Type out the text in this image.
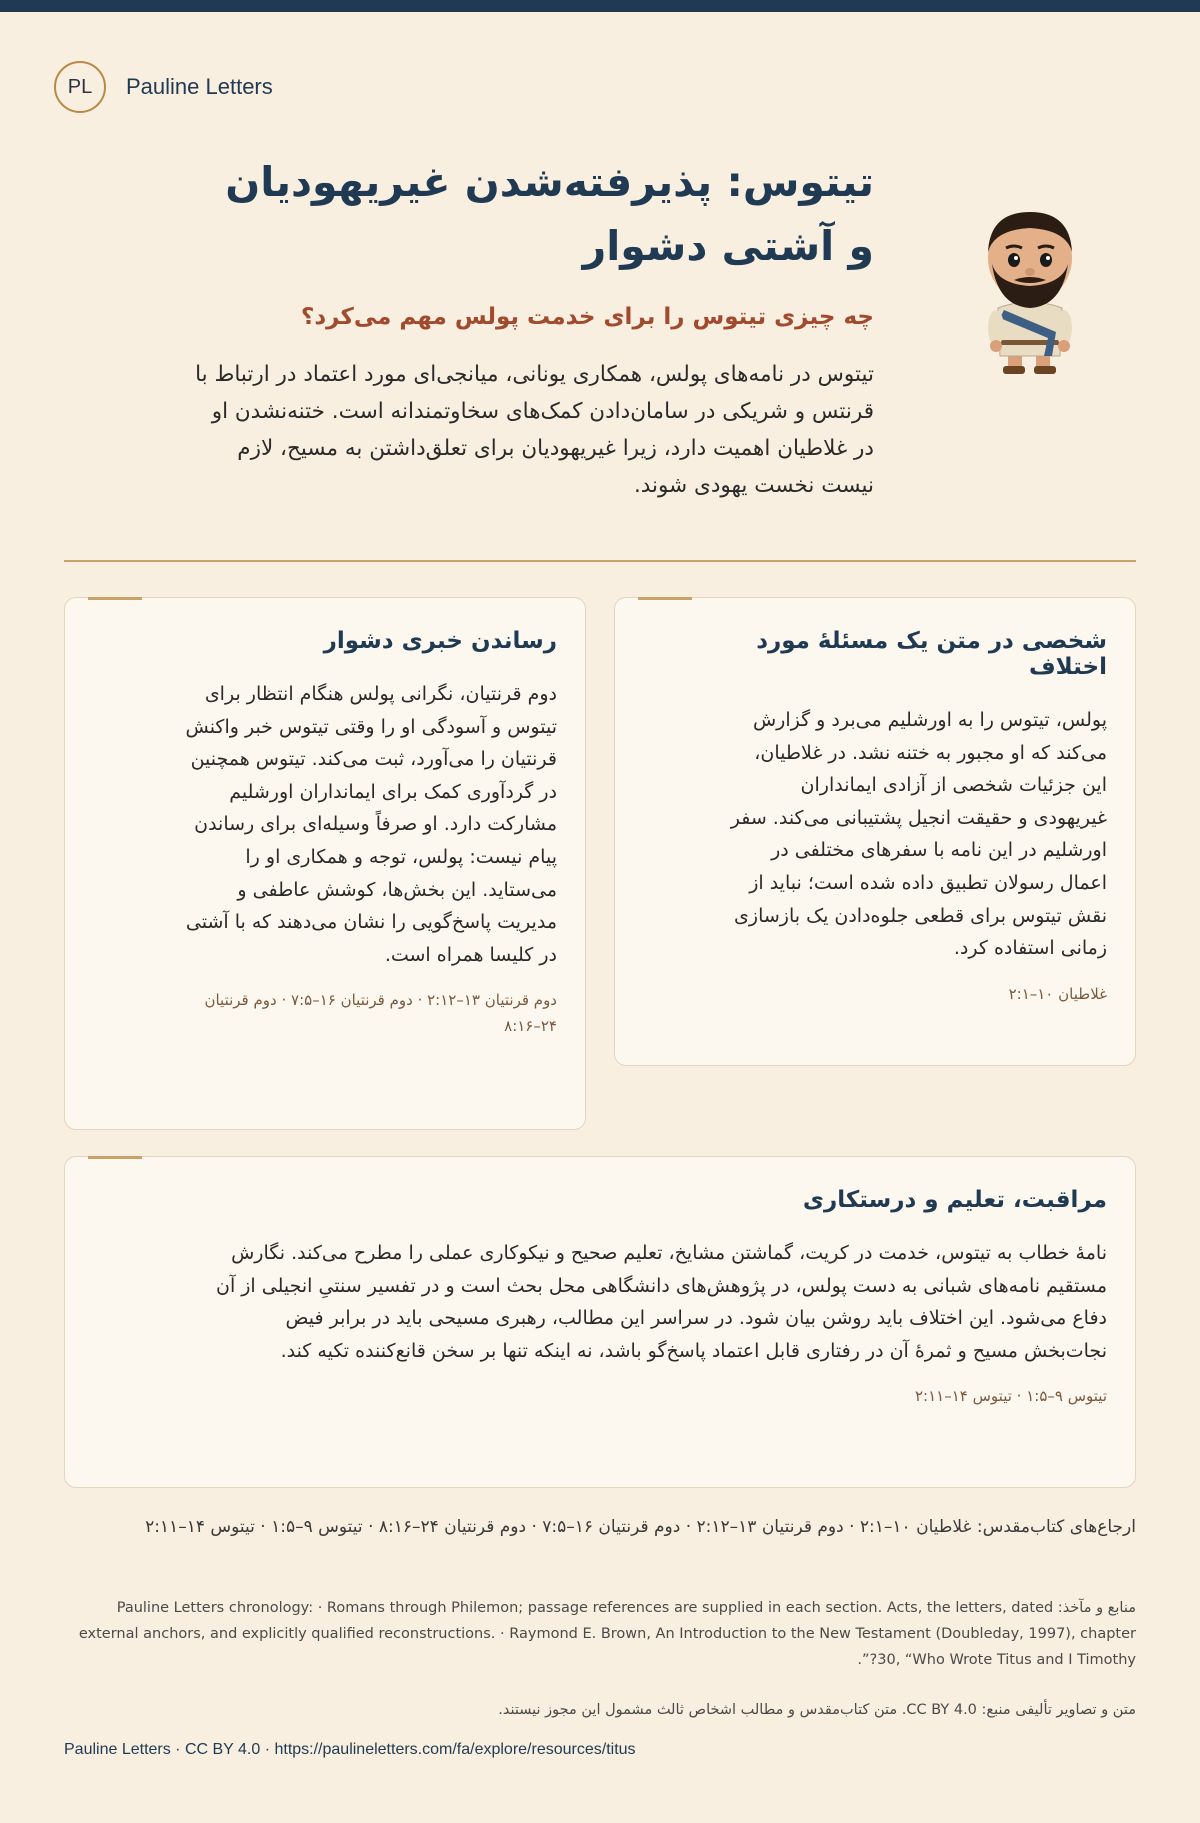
PL	Pauline Letters
تیتوس: پذیرفته‌شدن غیریهودیان و آشتی دشوار
چه چیزی تیتوس را برای خدمت پولس مهم می‌کرد؟

تیتوس در نامه‌های پولس، همکاری یونانی، میانجی‌ای مورد اعتماد در ارتباط با قرنتس و شریکی در سامان‌دادن کمک‌های سخاوتمندانه است. ختنه‌نشدن او در غلاطیان اهمیت دارد، زیرا غیریهودیان برای تعلق‌داشتن به مسیح، لازم نیست نخست یهودی شوند.

شخصی در متن یک مسئلهٔ مورد اختلاف
پولس، تیتوس را به اورشلیم می‌برد و گزارش می‌کند که او مجبور به ختنه نشد. در غلاطیان، این جزئیات شخصی از آزادی ایمانداران غیریهودی و حقیقت انجیل پشتیبانی می‌کند. سفر اورشلیم در این نامه با سفرهای مختلفی در اعمال رسولان تطبیق داده شده است؛ نباید از نقش تیتوس برای قطعی جلوه‌دادن یک بازسازی زمانی استفاده کرد.
غلاطیان ۱۰–۲:۱
رساندن خبری دشوار
دوم قرنتیان، نگرانی پولس هنگام انتظار برای تیتوس و آسودگی او را وقتی تیتوس خبر واکنش قرنتیان را می‌آورد، ثبت می‌کند. تیتوس همچنین در گردآوری کمک برای ایمانداران اورشلیم مشارکت دارد. او صرفاً وسیله‌ای برای رساندن پیام نیست: پولس، توجه و همکاری او را می‌ستاید. این بخش‌ها، کوشش عاطفی و مدیریت پاسخ‌گویی را نشان می‌دهند که با آشتی در کلیسا همراه است.
دوم قرنتیان ۱۳–۲:۱۲ · دوم قرنتیان ۱۶–۷:۵ · دوم قرنتیان ۲۴–۸:۱۶
مراقبت، تعلیم و درستکاری
نامهٔ خطاب به تیتوس، خدمت در کریت، گماشتن مشایخ، تعلیم صحیح و نیکوکاری عملی را مطرح می‌کند. نگارش مستقیم نامه‌های شبانی به دست پولس، در پژوهش‌های دانشگاهی محل بحث است و در تفسیر سنتیِ انجیلی از آن دفاع می‌شود. این اختلاف باید روشن بیان شود. در سراسر این مطالب، رهبری مسیحی باید در برابر فیض نجات‌بخش مسیح و ثمرهٔ آن در رفتاری قابل اعتماد پاسخ‌گو باشد، نه اینکه تنها بر سخن قانع‌کننده تکیه کند.
تیتوس ۹–۱:۵ · تیتوس ۱۴–۲:۱۱
ارجاع‌های کتاب‌مقدس: غلاطیان ۱۰–۲:۱ · دوم قرنتیان ۱۳–۲:۱۲ · دوم قرنتیان ۱۶–۷:۵ · دوم قرنتیان ۲۴–۸:۱۶ · تیتوس ۹–۱:۵ · تیتوس ۱۴–۲:۱۱
منابع و مآخذ: Pauline Letters chronology: · Romans through Philemon; passage references are supplied in each section. Acts, the letters, dated external anchors, and explicitly qualified reconstructions. · Raymond E. Brown, An Introduction to the New Testament (Doubleday, 1997), chapter 30, “Who Wrote Titus and I Timothy?”.
متن و تصاویر تألیفی منبع: CC BY 4.0. متن کتاب‌مقدس و مطالب اشخاص ثالث مشمول این مجوز نیستند.
Pauline Letters · CC BY 4.0 · https://paulineletters.com/fa/explore/resources/titus
